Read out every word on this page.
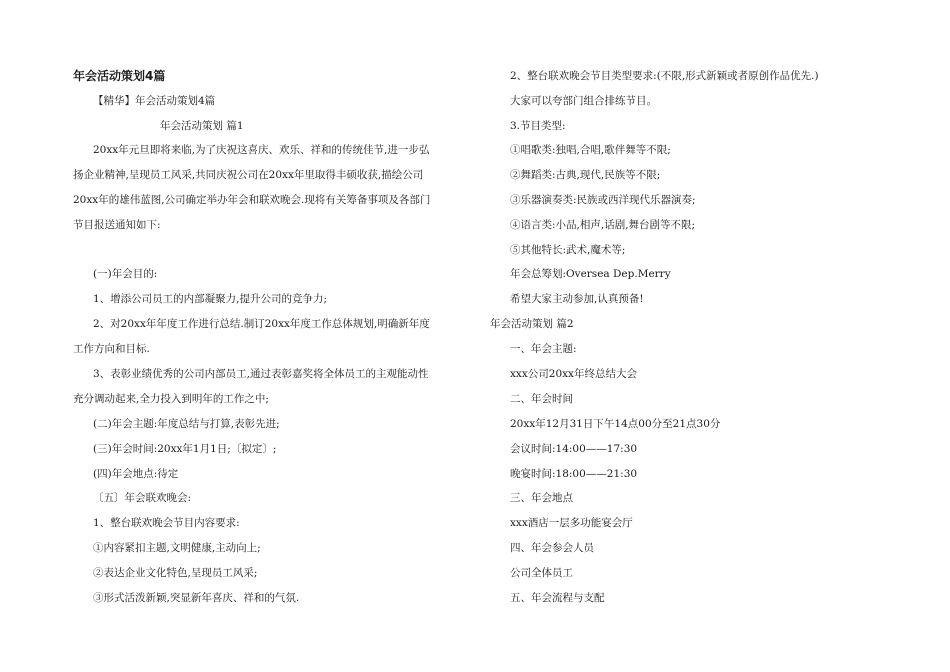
年会活动策划4篇
【精华】年会活动策划4篇
年会活动策划 篇1
20xx年元旦即将来临,为了庆祝这喜庆、欢乐、祥和的传统佳节,进一步弘
扬企业精神,呈现员工风采,共同庆祝公司在20xx年里取得丰硕收获,描绘公司
20xx年的雄伟蓝图,公司确定举办年会和联欢晚会.现将有关筹备事项及各部门
节目报送通知如下:
(一)年会目的:
1、增添公司员工的内部凝聚力,提升公司的竞争力;
2、对20xx年年度工作进行总结.制订20xx年度工作总体规划,明确新年度
工作方向和目标.
3、表彰业绩优秀的公司内部员工,通过表彰嘉奖将全体员工的主观能动性
充分调动起来,全力投入到明年的工作之中;
(二)年会主题:年度总结与打算,表彰先进;
(三)年会时间:20xx年1月1日;〔拟定〕;
(四)年会地点:待定
〔五〕年会联欢晚会:
1、整台联欢晚会节目内容要求:
①内容紧扣主题,文明健康,主动向上;
②表达企业文化特色,呈现员工风采;
③形式活泼新颖,突显新年喜庆、祥和的气氛.
2、整台联欢晚会节目类型要求:(不限,形式新颖或者原创作品优先.)
大家可以夸部门组合排练节目。
3.节目类型:
①唱歌类:独唱,合唱,歌伴舞等不限;
②舞蹈类:古典,现代,民族等不限;
③乐器演奏类:民族或西洋现代乐器演奏;
④语言类:小品,相声,话剧,舞台剧等不限;
⑤其他特长:武术,魔术等;
年会总筹划:Oversea Dep.Merry
希望大家主动参加,认真预备!
年会活动策划 篇2
一、年会主题:
xxx公司20xx年终总结大会
二、年会时间
20xx年12月31日下午14点00分至21点30分
会议时间:14:00——17:30
晚宴时间:18:00——21:30
三、年会地点
xxx酒店一层多功能宴会厅
四、年会参会人员
公司全体员工
五、年会流程与支配
